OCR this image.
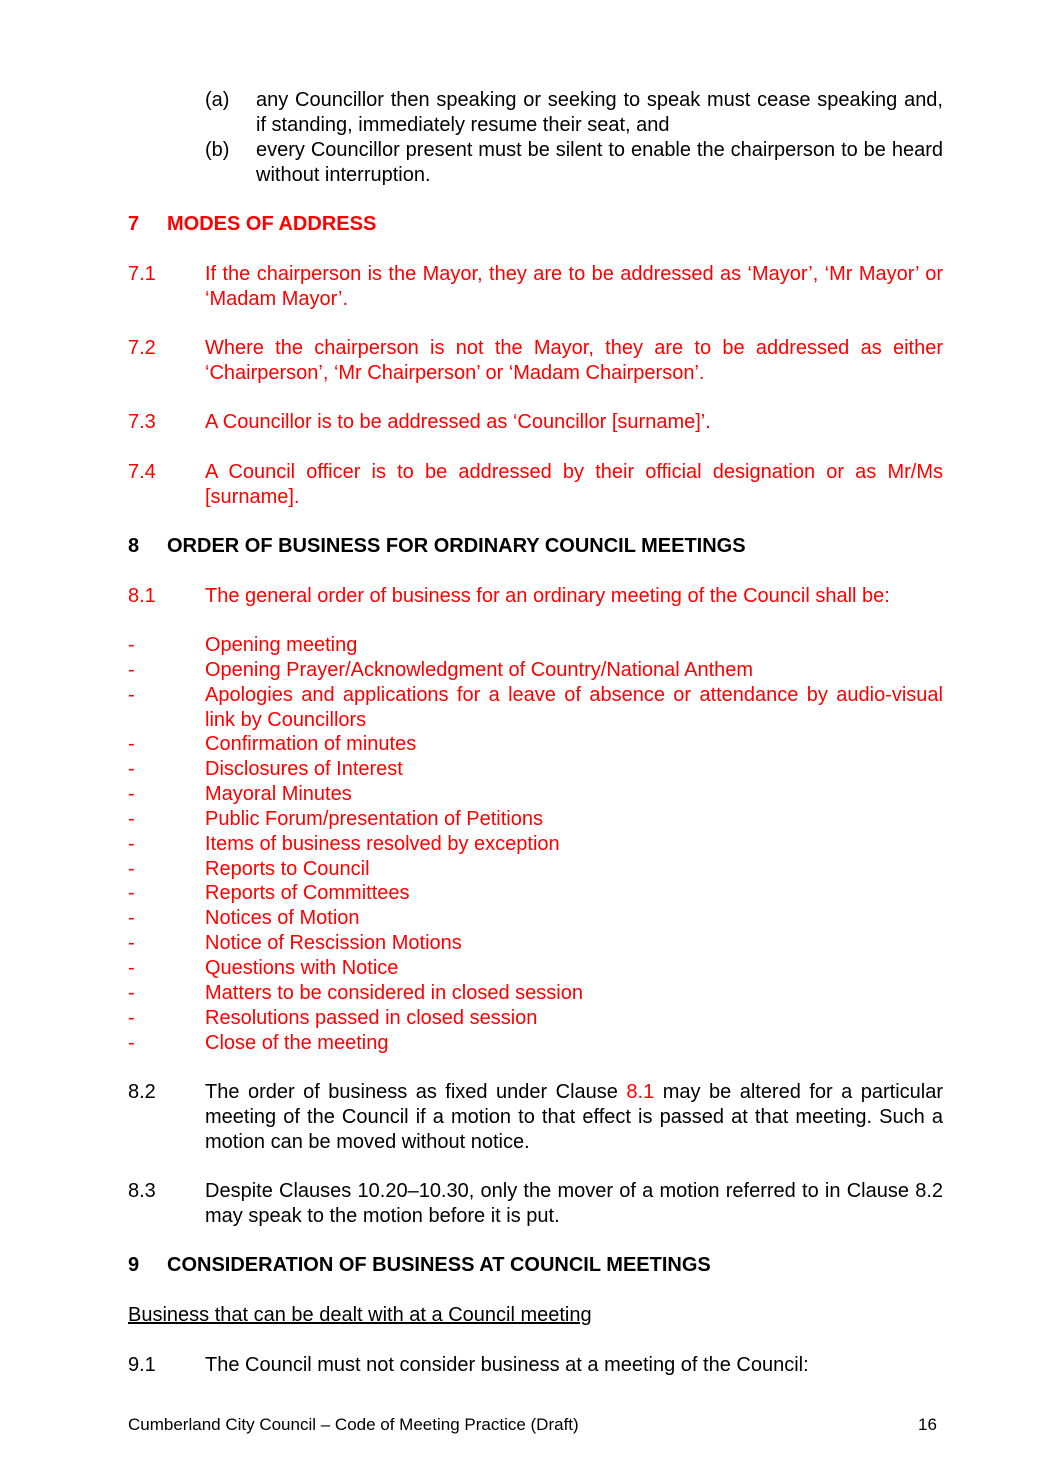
(a) any Councillor then speaking or seeking to speak must cease speaking and, if standing, immediately resume their seat, and
(b) every Councillor present must be silent to enable the chairperson to be heard without interruption.
7 MODES OF ADDRESS
7.1 If the chairperson is the Mayor, they are to be addressed as ‘Mayor’, ‘Mr Mayor’ or ‘Madam Mayor’.
7.2 Where the chairperson is not the Mayor, they are to be addressed as either ‘Chairperson’, ‘Mr Chairperson’ or ‘Madam Chairperson’.
7.3 A Councillor is to be addressed as ‘Councillor [surname]’.
7.4 A Council officer is to be addressed by their official designation or as Mr/Ms [surname].
8 ORDER OF BUSINESS FOR ORDINARY COUNCIL MEETINGS
8.1 The general order of business for an ordinary meeting of the Council shall be:
-	Opening meeting
-	Opening Prayer/Acknowledgment of Country/National Anthem
-	Apologies and applications for a leave of absence or attendance by audio-visual link by Councillors
-	Confirmation of minutes
-	Disclosures of Interest
-	Mayoral Minutes
-	Public Forum/presentation of Petitions
-	Items of business resolved by exception
-	Reports to Council
-	Reports of Committees
-	Notices of Motion
-	Notice of Rescission Motions
-	Questions with Notice
-	Matters to be considered in closed session
-	Resolutions passed in closed session
-	Close of the meeting
8.2 The order of business as fixed under Clause 8.1 may be altered for a particular meeting of the Council if a motion to that effect is passed at that meeting. Such a motion can be moved without notice.
8.3 Despite Clauses 10.20–10.30, only the mover of a motion referred to in Clause 8.2 may speak to the motion before it is put.
9 CONSIDERATION OF BUSINESS AT COUNCIL MEETINGS
Business that can be dealt with at a Council meeting
9.1 The Council must not consider business at a meeting of the Council:
Cumberland City Council – Code of Meeting Practice (Draft)	16
